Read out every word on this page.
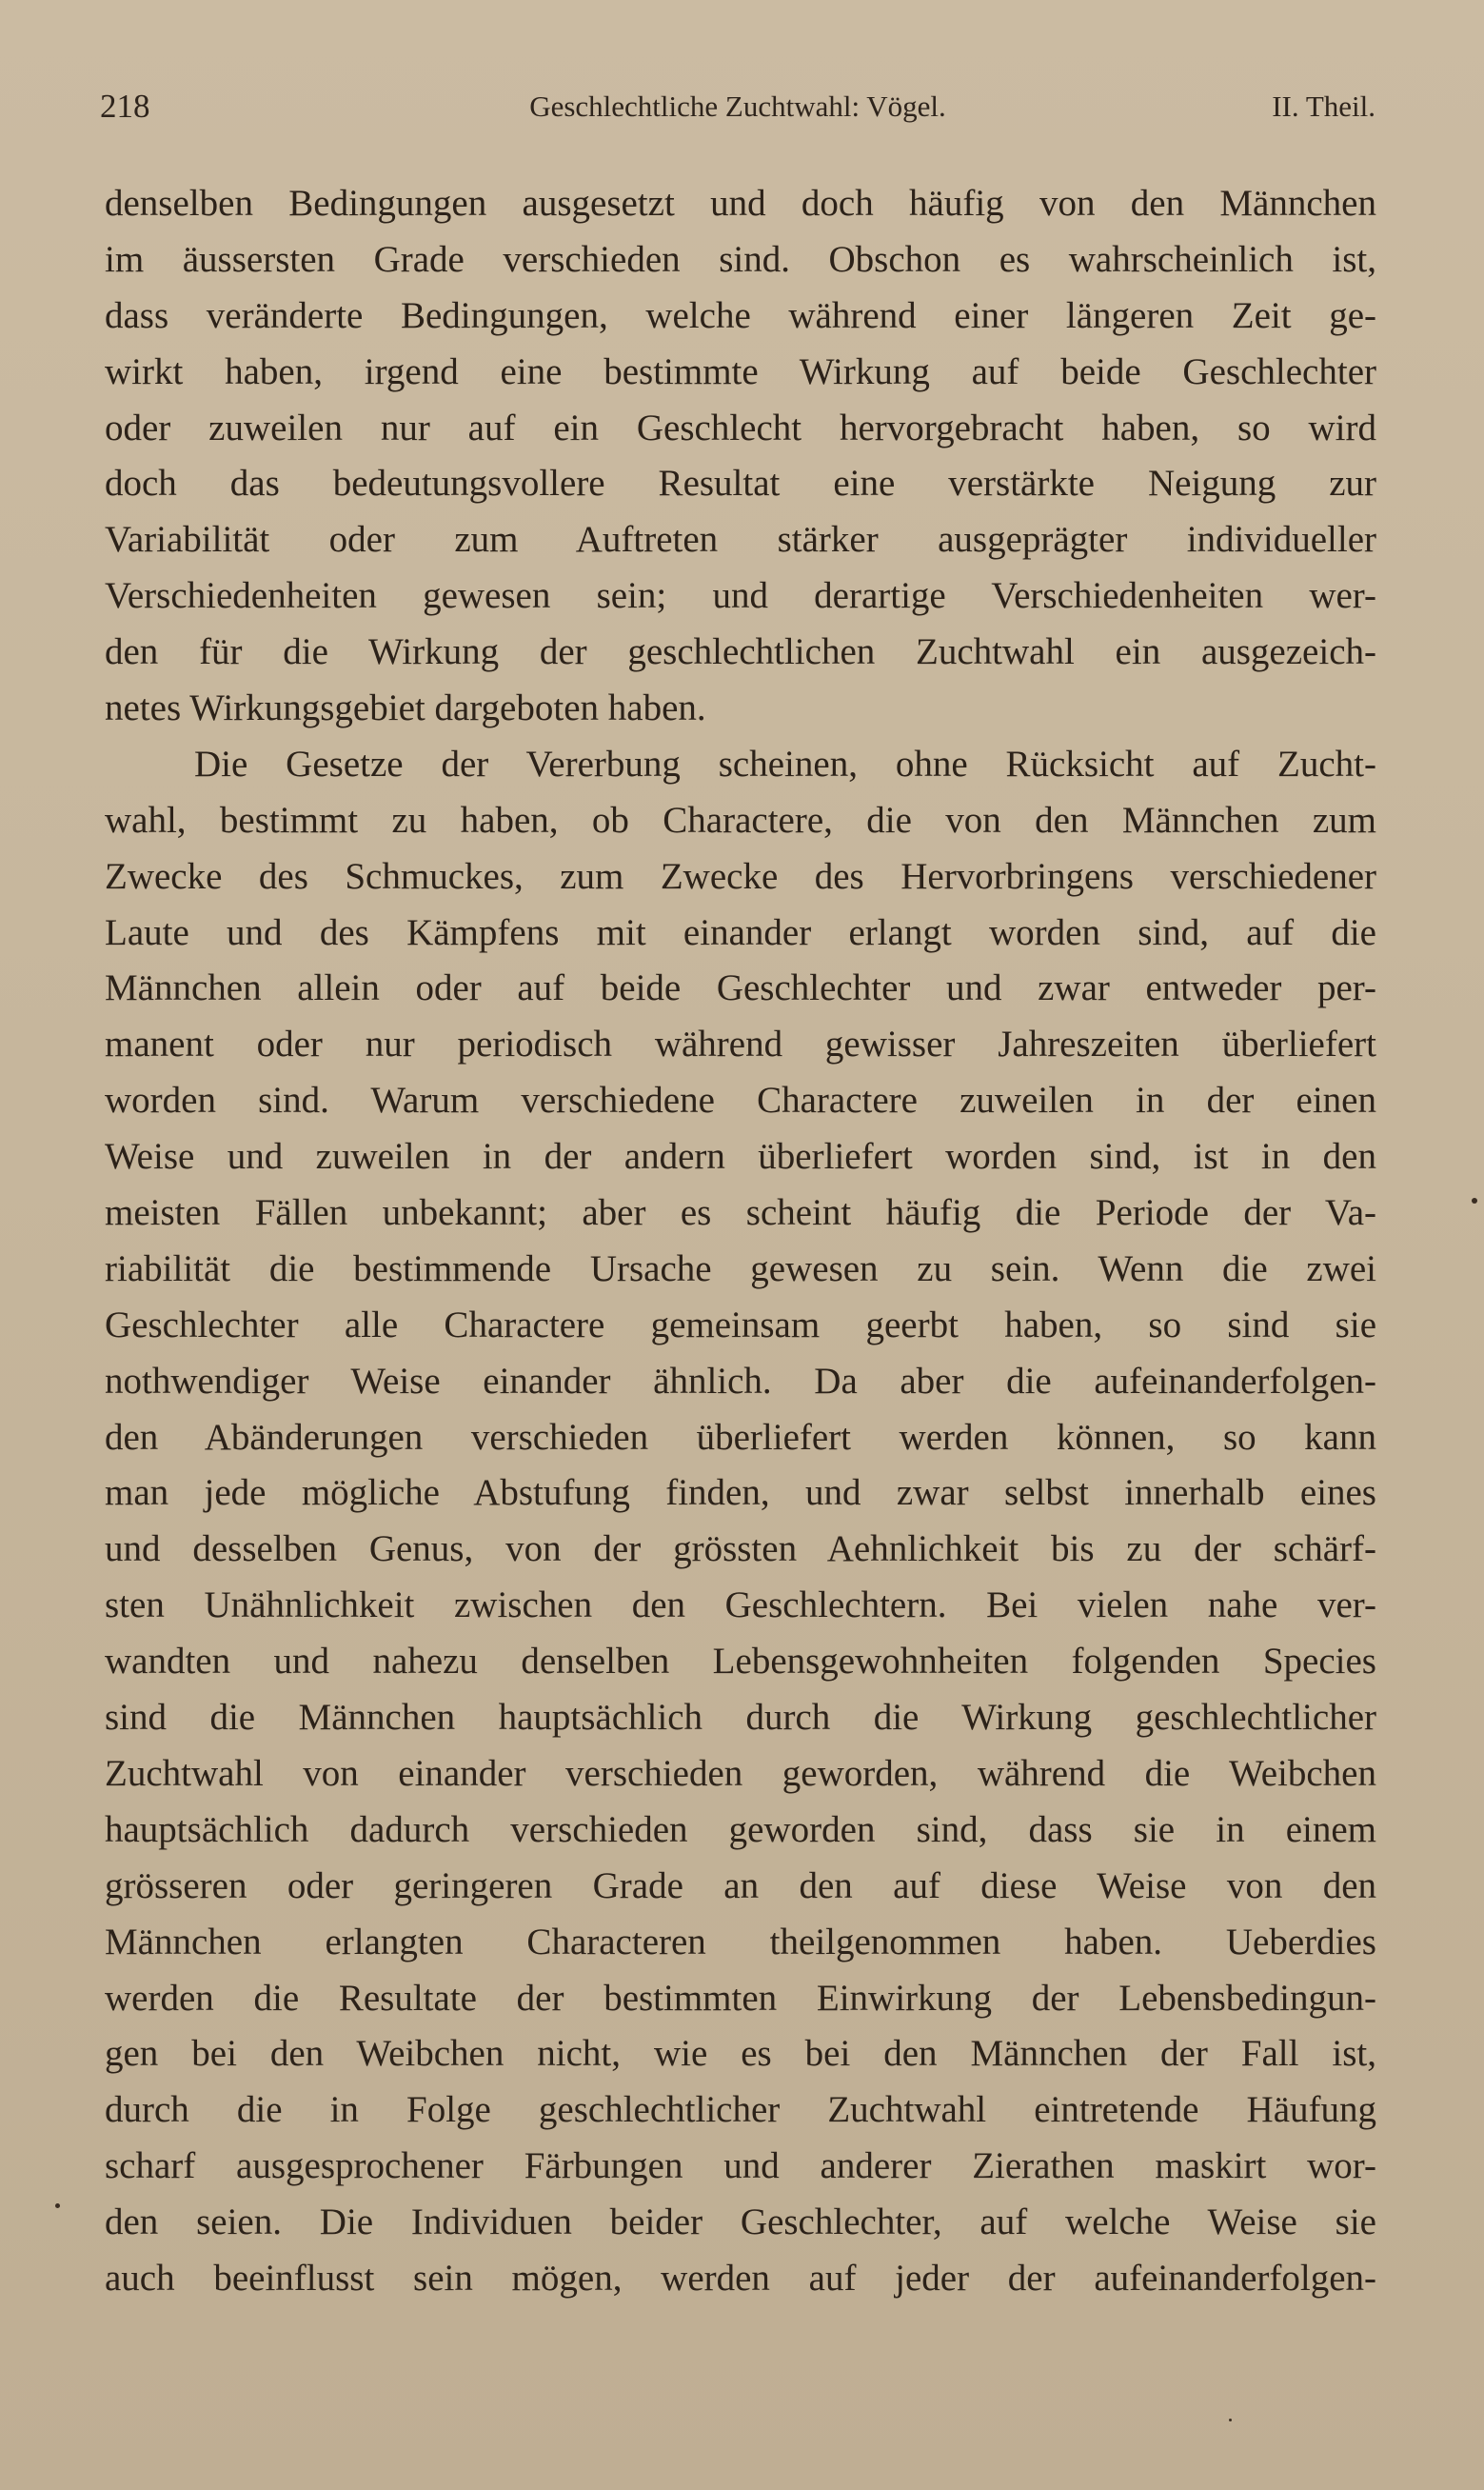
218	Geschlechtliche Zuchtwahl: Vögel.	II. Theil.
denselben Bedingungen ausgesetzt und doch häufig von den Männchen
im äussersten Grade verschieden sind. Obschon es wahrscheinlich ist,
dass veränderte Bedingungen, welche während einer längeren Zeit ge-
wirkt haben, irgend eine bestimmte Wirkung auf beide Geschlechter
oder zuweilen nur auf ein Geschlecht hervorgebracht haben, so wird
doch das bedeutungsvollere Resultat eine verstärkte Neigung zur
Variabilität oder zum Auftreten stärker ausgeprägter individueller
Verschiedenheiten gewesen sein; und derartige Verschiedenheiten wer-
den für die Wirkung der geschlechtlichen Zuchtwahl ein ausgezeich-
netes Wirkungsgebiet dargeboten haben.
Die Gesetze der Vererbung scheinen, ohne Rücksicht auf Zucht-
wahl, bestimmt zu haben, ob Charactere, die von den Männchen zum
Zwecke des Schmuckes, zum Zwecke des Hervorbringens verschiedener
Laute und des Kämpfens mit einander erlangt worden sind, auf die
Männchen allein oder auf beide Geschlechter und zwar entweder per-
manent oder nur periodisch während gewisser Jahreszeiten überliefert
worden sind. Warum verschiedene Charactere zuweilen in der einen
Weise und zuweilen in der andern überliefert worden sind, ist in den
meisten Fällen unbekannt; aber es scheint häufig die Periode der Va-
riabilität die bestimmende Ursache gewesen zu sein. Wenn die zwei
Geschlechter alle Charactere gemeinsam geerbt haben, so sind sie
nothwendiger Weise einander ähnlich. Da aber die aufeinanderfolgen-
den Abänderungen verschieden überliefert werden können, so kann
man jede mögliche Abstufung finden, und zwar selbst innerhalb eines
und desselben Genus, von der grössten Aehnlichkeit bis zu der schärf-
sten Unähnlichkeit zwischen den Geschlechtern. Bei vielen nahe ver-
wandten und nahezu denselben Lebensgewohnheiten folgenden Species
sind die Männchen hauptsächlich durch die Wirkung geschlechtlicher
Zuchtwahl von einander verschieden geworden, während die Weibchen
hauptsächlich dadurch verschieden geworden sind, dass sie in einem
grösseren oder geringeren Grade an den auf diese Weise von den
Männchen erlangten Characteren theilgenommen haben. Ueberdies
werden die Resultate der bestimmten Einwirkung der Lebensbedingun-
gen bei den Weibchen nicht, wie es bei den Männchen der Fall ist,
durch die in Folge geschlechtlicher Zuchtwahl eintretende Häufung
scharf ausgesprochener Färbungen und anderer Zierathen maskirt wor-
den seien. Die Individuen beider Geschlechter, auf welche Weise sie
auch beeinflusst sein mögen, werden auf jeder der aufeinanderfolgen-
